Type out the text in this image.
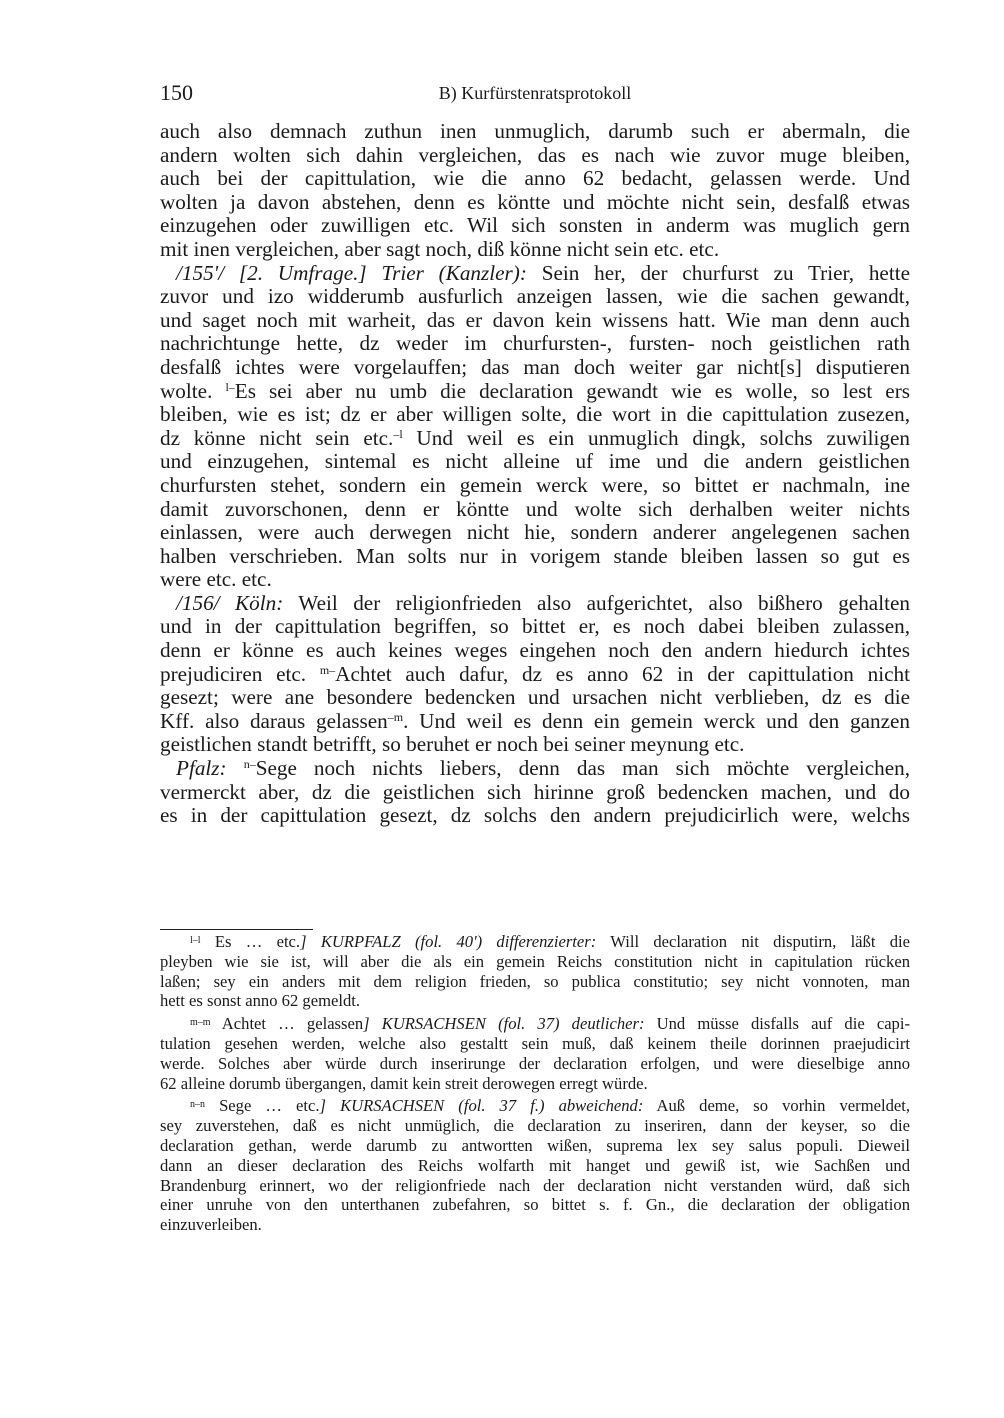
150	B) Kurfürstenratsprotokoll
auch also demnach zuthun inen unmuglich, darumb such er abermaln, die
andern wolten sich dahin vergleichen, das es nach wie zuvor muge bleiben,
auch bei der capittulation, wie die anno 62 bedacht, gelassen werde. Und
wolten ja davon abstehen, denn es köntte und möchte nicht sein, desfalß etwas
einzugehen oder zuwilligen etc. Wil sich sonsten in anderm was muglich gern
mit inen vergleichen, aber sagt noch, diß könne nicht sein etc. etc.
/155'/ [2. Umfrage.] Trier (Kanzler): Sein her, der churfurst zu Trier, hette
zuvor und izo widderumb ausfurlich anzeigen lassen, wie die sachen gewandt,
und saget noch mit warheit, das er davon kein wissens hatt. Wie man denn auch
nachrichtunge hette, dz weder im churfursten-, fursten- noch geistlichen rath
desfalß ichtes were vorgelauffen; das man doch weiter gar nicht[s] disputieren
wolte. $^{l-}$Es sei aber nu umb die declaration gewandt wie es wolle, so lest ers
bleiben, wie es ist; dz er aber willigen solte, die wort in die capittulation zusezen,
dz könne nicht sein etc.$^{-l}$ Und weil es ein unmuglich dingk, solchs zuwiligen
und einzugehen, sintemal es nicht alleine uf ime und die andern geistlichen
churfursten stehet, sondern ein gemein werck were, so bittet er nachmaln, ine
damit zuvorschonen, denn er köntte und wolte sich derhalben weiter nichts
einlassen, were auch derwegen nicht hie, sondern anderer angelegenen sachen
halben verschrieben. Man solts nur in vorigem stande bleiben lassen so gut es
were etc. etc.
/156/ Köln: Weil der religionfrieden also aufgerichtet, also bißhero gehalten
und in der capittulation begriffen, so bittet er, es noch dabei bleiben zulassen,
denn er könne es auch keines weges eingehen noch den andern hiedurch ichtes
prejudiciren etc. $^{m-}$Achtet auch dafur, dz es anno 62 in der capittulation nicht
gesezt; were ane besondere bedencken und ursachen nicht verblieben, dz es die
Kff. also daraus gelassen$^{-m}$. Und weil es denn ein gemein werck und den ganzen
geistlichen standt betrifft, so beruhet er noch bei seiner meynung etc.
Pfalz: $^{n-}$Sege noch nichts liebers, denn das man sich möchte vergleichen,
vermerckt aber, dz die geistlichen sich hirinne groß bedencken machen, und do
es in der capittulation gesezt, dz solchs den andern prejudicirlich were, welchs
$^{l-l}$ Es … etc.] KURPFALZ (fol. 40') differenzierter: Will declaration nit disputirn, läßt die
pleyben wie sie ist, will aber die als ein gemein Reichs constitution nicht in capitulation rücken
laßen; sey ein anders mit dem religion frieden, so publica constitutio; sey nicht vonnoten, man
hett es sonst anno 62 gemeldt.
$^{m-m}$ Achtet … gelassen] KURSACHSEN (fol. 37) deutlicher: Und müsse disfalls auf die capi-
tulation gesehen werden, welche also gestaltt sein muß, daß keinem theile dorinnen praejudicirt
werde. Solches aber würde durch inserirunge der declaration erfolgen, und were dieselbige anno
62 alleine dorumb übergangen, damit kein streit derowegen erregt würde.
$^{n-n}$ Sege … etc.] KURSACHSEN (fol. 37 f.) abweichend: Auß deme, so vorhin vermeldet,
sey zuverstehen, daß es nicht unmüglich, die declaration zu inseriren, dann der keyser, so die
declaration gethan, werde darumb zu antwortten wißen, suprema lex sey salus populi. Dieweil
dann an dieser declaration des Reichs wolfarth mit hanget und gewiß ist, wie Sachßen und
Brandenburg erinnert, wo der religionfriede nach der declaration nicht verstanden würd, daß sich
einer unruhe von den unterthanen zubefahren, so bittet s. f. Gn., die declaration der obligation
einzuverleiben.
